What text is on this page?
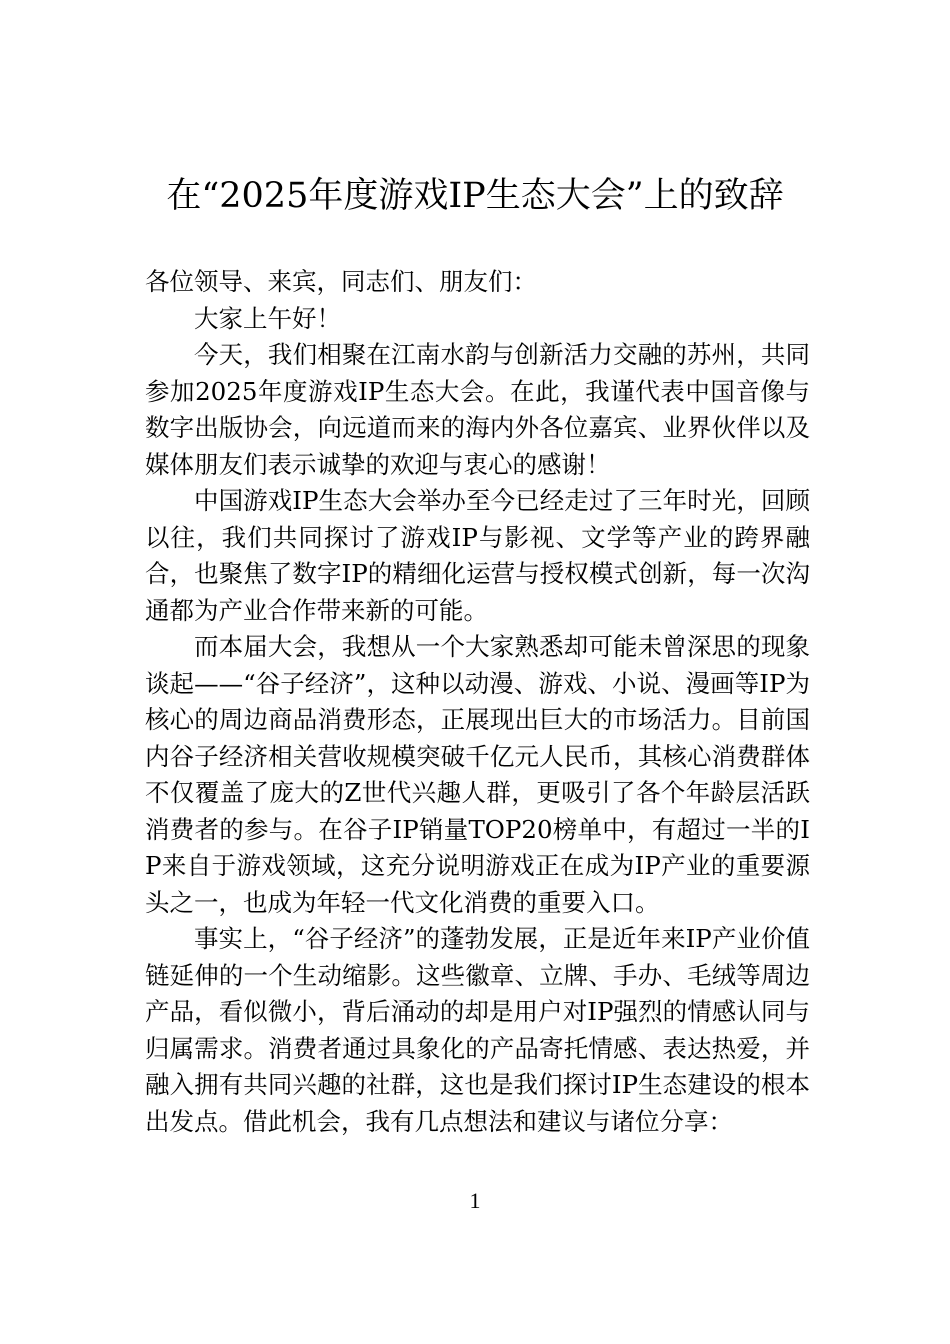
在“2025年度游戏IP生态大会”上的致辞

各位领导、来宾，同志们、朋友们：

大家上午好！

今天，我们相聚在江南水韵与创新活力交融的苏州，共同参加2025年度游戏IP生态大会。在此，我谨代表中国音像与数字出版协会，向远道而来的海内外各位嘉宾、业界伙伴以及媒体朋友们表示诚挚的欢迎与衷心的感谢！

中国游戏IP生态大会举办至今已经走过了三年时光，回顾以往，我们共同探讨了游戏IP与影视、文学等产业的跨界融合，也聚焦了数字IP的精细化运营与授权模式创新，每一次沟通都为产业合作带来新的可能。

而本届大会，我想从一个大家熟悉却可能未曾深思的现象谈起——“谷子经济”，这种以动漫、游戏、小说、漫画等IP为核心的周边商品消费形态，正展现出巨大的市场活力。目前国内谷子经济相关营收规模突破千亿元人民币，其核心消费群体不仅覆盖了庞大的Z世代兴趣人群，更吸引了各个年龄层活跃消费者的参与。在谷子IP销量TOP20榜单中，有超过一半的IP来自于游戏领域，这充分说明游戏正在成为IP产业的重要源头之一，也成为年轻一代文化消费的重要入口。

事实上，“谷子经济”的蓬勃发展，正是近年来IP产业价值链延伸的一个生动缩影。这些徽章、立牌、手办、毛绒等周边产品，看似微小，背后涌动的却是用户对IP强烈的情感认同与归属需求。消费者通过具象化的产品寄托情感、表达热爱，并融入拥有共同兴趣的社群，这也是我们探讨IP生态建设的根本出发点。借此机会，我有几点想法和建议与诸位分享：

1
